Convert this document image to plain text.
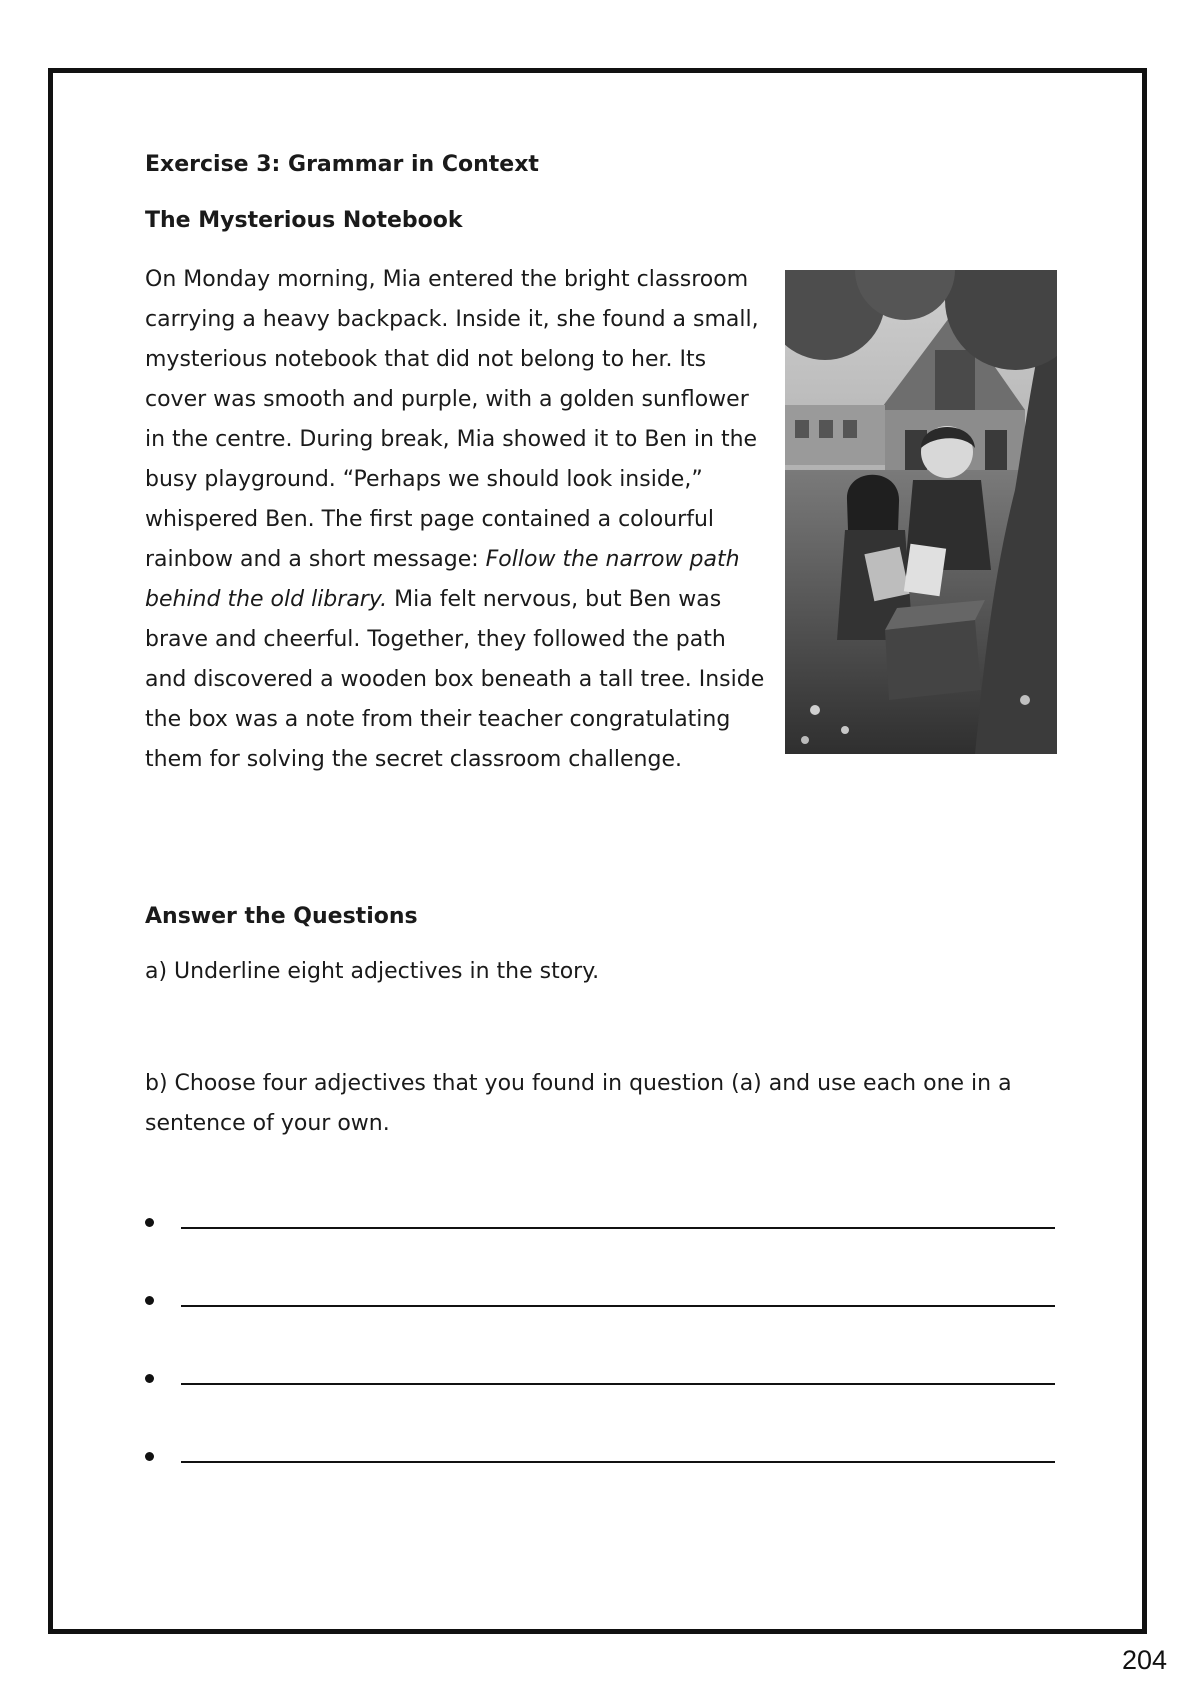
Exercise 3: Grammar in Context

The Mysterious Notebook

On Monday morning, Mia entered the bright classroom carrying a heavy backpack. Inside it, she found a small, mysterious notebook that did not belong to her. Its cover was smooth and purple, with a golden sunflower in the centre. During break, Mia showed it to Ben in the busy playground. “Perhaps we should look inside,” whispered Ben. The first page contained a colourful rainbow and a short message: Follow the narrow path behind the old library. Mia felt nervous, but Ben was brave and cheerful. Together, they followed the path and discovered a wooden box beneath a tall tree. Inside the box was a note from their teacher congratulating them for solving the secret classroom challenge.

Answer the Questions

a) Underline eight adjectives in the story.

b) Choose four adjectives that you found in question (a) and use each one in a sentence of your own.

204
